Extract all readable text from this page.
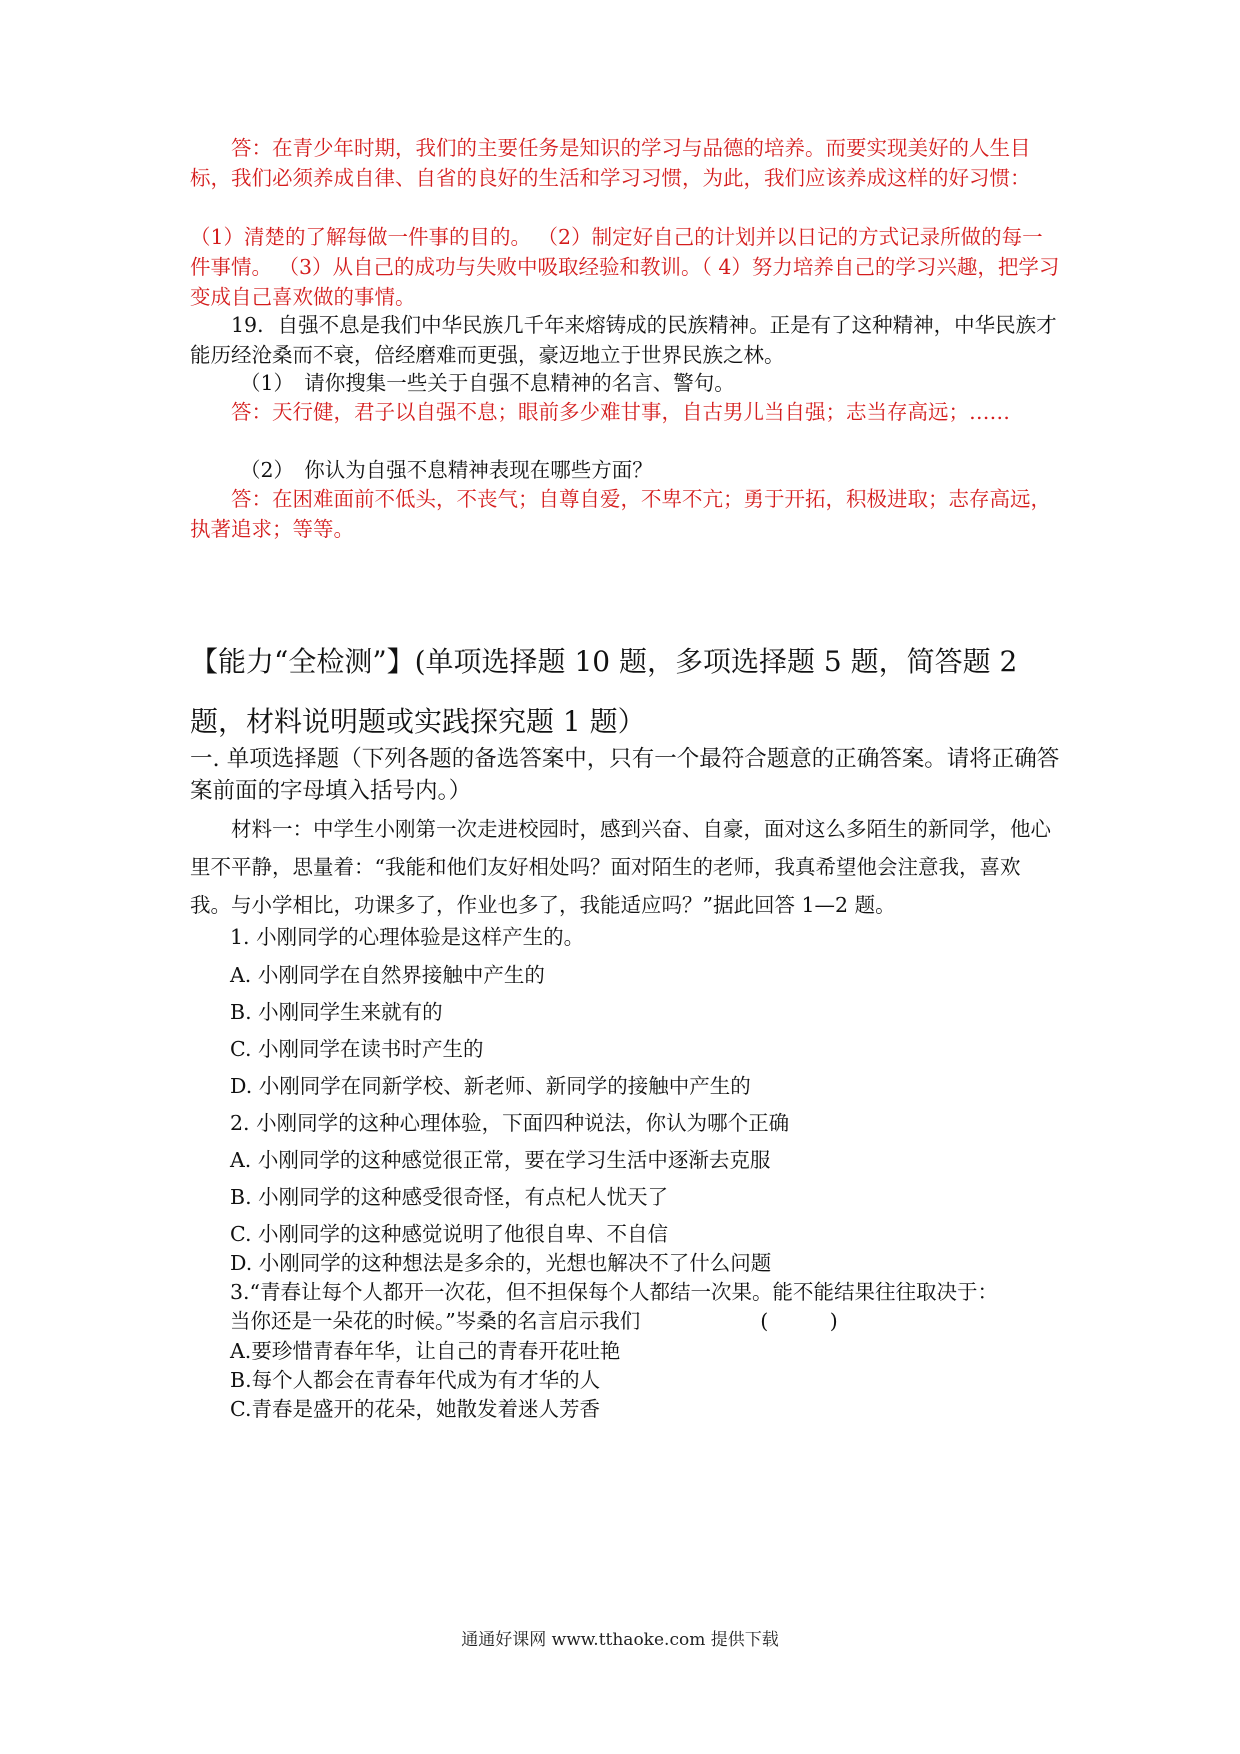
答：在青少年时期，我们的主要任务是知识的学习与品德的培养。而要实现美好的人生目标，我们必须养成自律、自省的良好的生活和学习习惯，为此，我们应该养成这样的好习惯：
（1）清楚的了解每做一件事的目的。 （2）制定好自己的计划并以日记的方式记录所做的每一件事情。 （3）从自己的成功与失败中吸取经验和教训。（ 4）努力培养自己的学习兴趣，把学习变成自己喜欢做的事情。
19．自强不息是我们中华民族几千年来熔铸成的民族精神。正是有了这种精神，中华民族才能历经沧桑而不衰，倍经磨难而更强，豪迈地立于世界民族之林。
（1）　请你搜集一些关于自强不息精神的名言、警句。
答：天行健，君子以自强不息；眼前多少难甘事，自古男儿当自强；志当存高远；……
（2）　你认为自强不息精神表现在哪些方面？
答：在困难面前不低头，不丧气；自尊自爱，不卑不亢；勇于开拓，积极进取；志存高远，执著追求；等等。
【能力“全检测”】(单项选择题 10 题，多项选择题 5 题，简答题 2
题，材料说明题或实践探究题 1 题）
一. 单项选择题（下列各题的备选答案中，只有一个最符合题意的正确答案。请将正确答案前面的字母填入括号内。）
材料一：中学生小刚第一次走进校园时，感到兴奋、自豪，面对这么多陌生的新同学，他心里不平静，思量着：“我能和他们友好相处吗？面对陌生的老师，我真希望他会注意我，喜欢我。与小学相比，功课多了，作业也多了，我能适应吗？”据此回答 1—2 题。
1. 小刚同学的心理体验是这样产生的。
A. 小刚同学在自然界接触中产生的
B. 小刚同学生来就有的
C. 小刚同学在读书时产生的
D. 小刚同学在同新学校、新老师、新同学的接触中产生的
2. 小刚同学的这种心理体验，下面四种说法，你认为哪个正确
A. 小刚同学的这种感觉很正常，要在学习生活中逐渐去克服
B. 小刚同学的这种感受很奇怪，有点杞人忧天了
C. 小刚同学的这种感觉说明了他很自卑、不自信
D. 小刚同学的这种想法是多余的，光想也解决不了什么问题
3.“青春让每个人都开一次花，但不担保每个人都结一次果。能不能结果往往取决于：
当你还是一朵花的时候。”岑桑的名言启示我们	(　　　)
A.要珍惜青春年华，让自己的青春开花吐艳
B.每个人都会在青春年代成为有才华的人
C.青春是盛开的花朵，她散发着迷人芳香
通通好课网 www.tthaoke.com 提供下载
